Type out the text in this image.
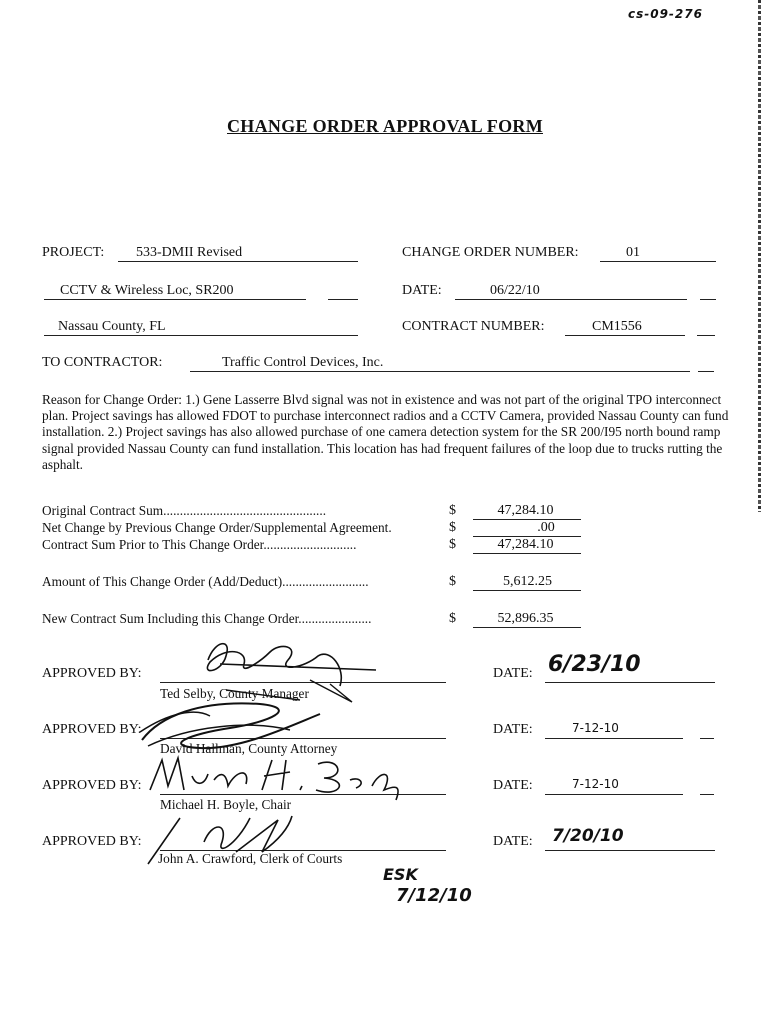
cs-09-276
CHANGE ORDER APPROVAL FORM
PROJECT: 533-DMII Revised
CCTV & Wireless Loc, SR200
Nassau County, FL
CHANGE ORDER NUMBER:	01
DATE:	06/22/10
CONTRACT NUMBER:	CM1556
TO CONTRACTOR:	Traffic Control Devices, Inc.
Reason for Change Order: 1.) Gene Lasserre Blvd signal was not in existence and was not part of the original TPO interconnect plan. Project savings has allowed FDOT to purchase interconnect radios and a CCTV Camera, provided Nassau County can fund installation. 2.) Project savings has also allowed purchase of one camera detection system for the SR 200/I95 north bound ramp signal provided Nassau County can fund installation. This location has had frequent failures of the loop due to trucks rutting the asphalt.
Original Contract Sum.................................................	$	47,284.10
Net Change by Previous Change Order/Supplemental Agreement.	$	.00
Contract Sum Prior to This Change Order............................	$	47,284.10
Amount of This Change Order (Add/Deduct)..........................	$	5,612.25
New Contract Sum Including this Change Order......................	$	52,896.35
APPROVED BY:
Ted Selby, County Manager
DATE: 6/23/10
APPROVED BY:
David Hallman, County Attorney
DATE:	7-12-10
APPROVED BY:
Michael H. Boyle, Chair
DATE:	7-12-10
APPROVED BY:
John A. Crawford, Clerk of Courts
DATE: 7/20/10
ESK
7/12/10
